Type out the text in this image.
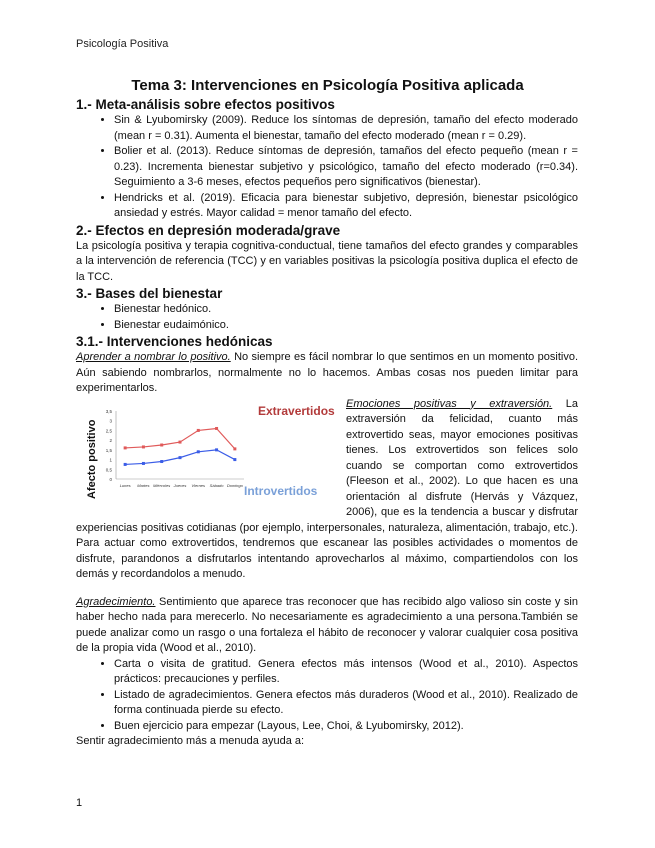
Psicología Positiva
Tema 3: Intervenciones en Psicología Positiva aplicada
1.- Meta-análisis sobre efectos positivos
• Sin & Lyubomirsky (2009). Reduce los síntomas de depresión, tamaño del efecto moderado (mean r = 0.31). Aumenta el bienestar, tamaño del efecto moderado (mean r = 0.29).
• Bolier et al. (2013). Reduce síntomas de depresión, tamaños del efecto pequeño (mean r = 0.23). Incrementa bienestar subjetivo y psicológico, tamaño del efecto moderado (r=0.34). Seguimiento a 3-6 meses, efectos pequeños pero significativos (bienestar).
• Hendricks et al. (2019). Eficacia para bienestar subjetivo, depresión, bienestar psicológico ansiedad y estrés. Mayor calidad = menor tamaño del efecto.
2.- Efectos en depresión moderada/grave

La psicología positiva y terapia cognitiva-conductual, tiene tamaños del efecto grandes y comparables a la intervención de referencia (TCC) y en variables positivas la psicología positiva duplica el efecto de la TCC.

3.- Bases del bienestar
• Bienestar hedónico.
• Bienestar eudaimónico.
3.1.- Intervenciones hedónicas

Aprender a nombrar lo positivo. No siempre es fácil nombrar lo que sentimos en un momento positivo. Aún sabiendo nombrarlos, normalmente no lo hacemos. Ambas cosas nos pueden limitar para experimentarlos.

Afecto positivo	0
0,5
1
1,5
2
2,5
3
3,5
Lunes Martes Miércoles Jueves Viernes Sábado Domingo
Extravertidos
Introvertidos
Emociones positivas y extraversión. La extraversión da felicidad, cuanto más extrovertido seas, mayor emociones positivas tienes. Los extrovertidos son felices solo cuando se comportan como extrovertidos (Fleeson et al., 2002). Lo que hacen es una orientación al disfrute (Hervás y Vázquez, 2006), que es la tendencia a buscar y disfrutar experiencias positivas cotidianas (por ejemplo, interpersonales, naturaleza, alimentación, trabajo, etc.). Para actuar como extrovertidos, tendremos que escanear las posibles actividades o momentos de disfrute, parandonos a disfrutarlos intentando aprovecharlos al máximo, compartiendolos con los demás y recordandolos a menudo.

Agradecimiento. Sentimiento que aparece tras reconocer que has recibido algo valioso sin coste y sin haber hecho nada para merecerlo. No necesariamente es agradecimiento a una persona.También se puede analizar como un rasgo o una fortaleza el hábito de reconocer y valorar cualquier cosa positiva de la propia vida (Wood et al., 2010).

• Carta o visita de gratitud. Genera efectos más intensos (Wood et al., 2010). Aspectos prácticos: precauciones y perfiles.
• Listado de agradecimientos. Genera efectos más duraderos (Wood et al., 2010). Realizado de forma continuada pierde su efecto.
• Buen ejercicio para empezar (Layous, Lee, Choi, & Lyubomirsky, 2012).

Sentir agradecimiento más a menuda ayuda a:

1
